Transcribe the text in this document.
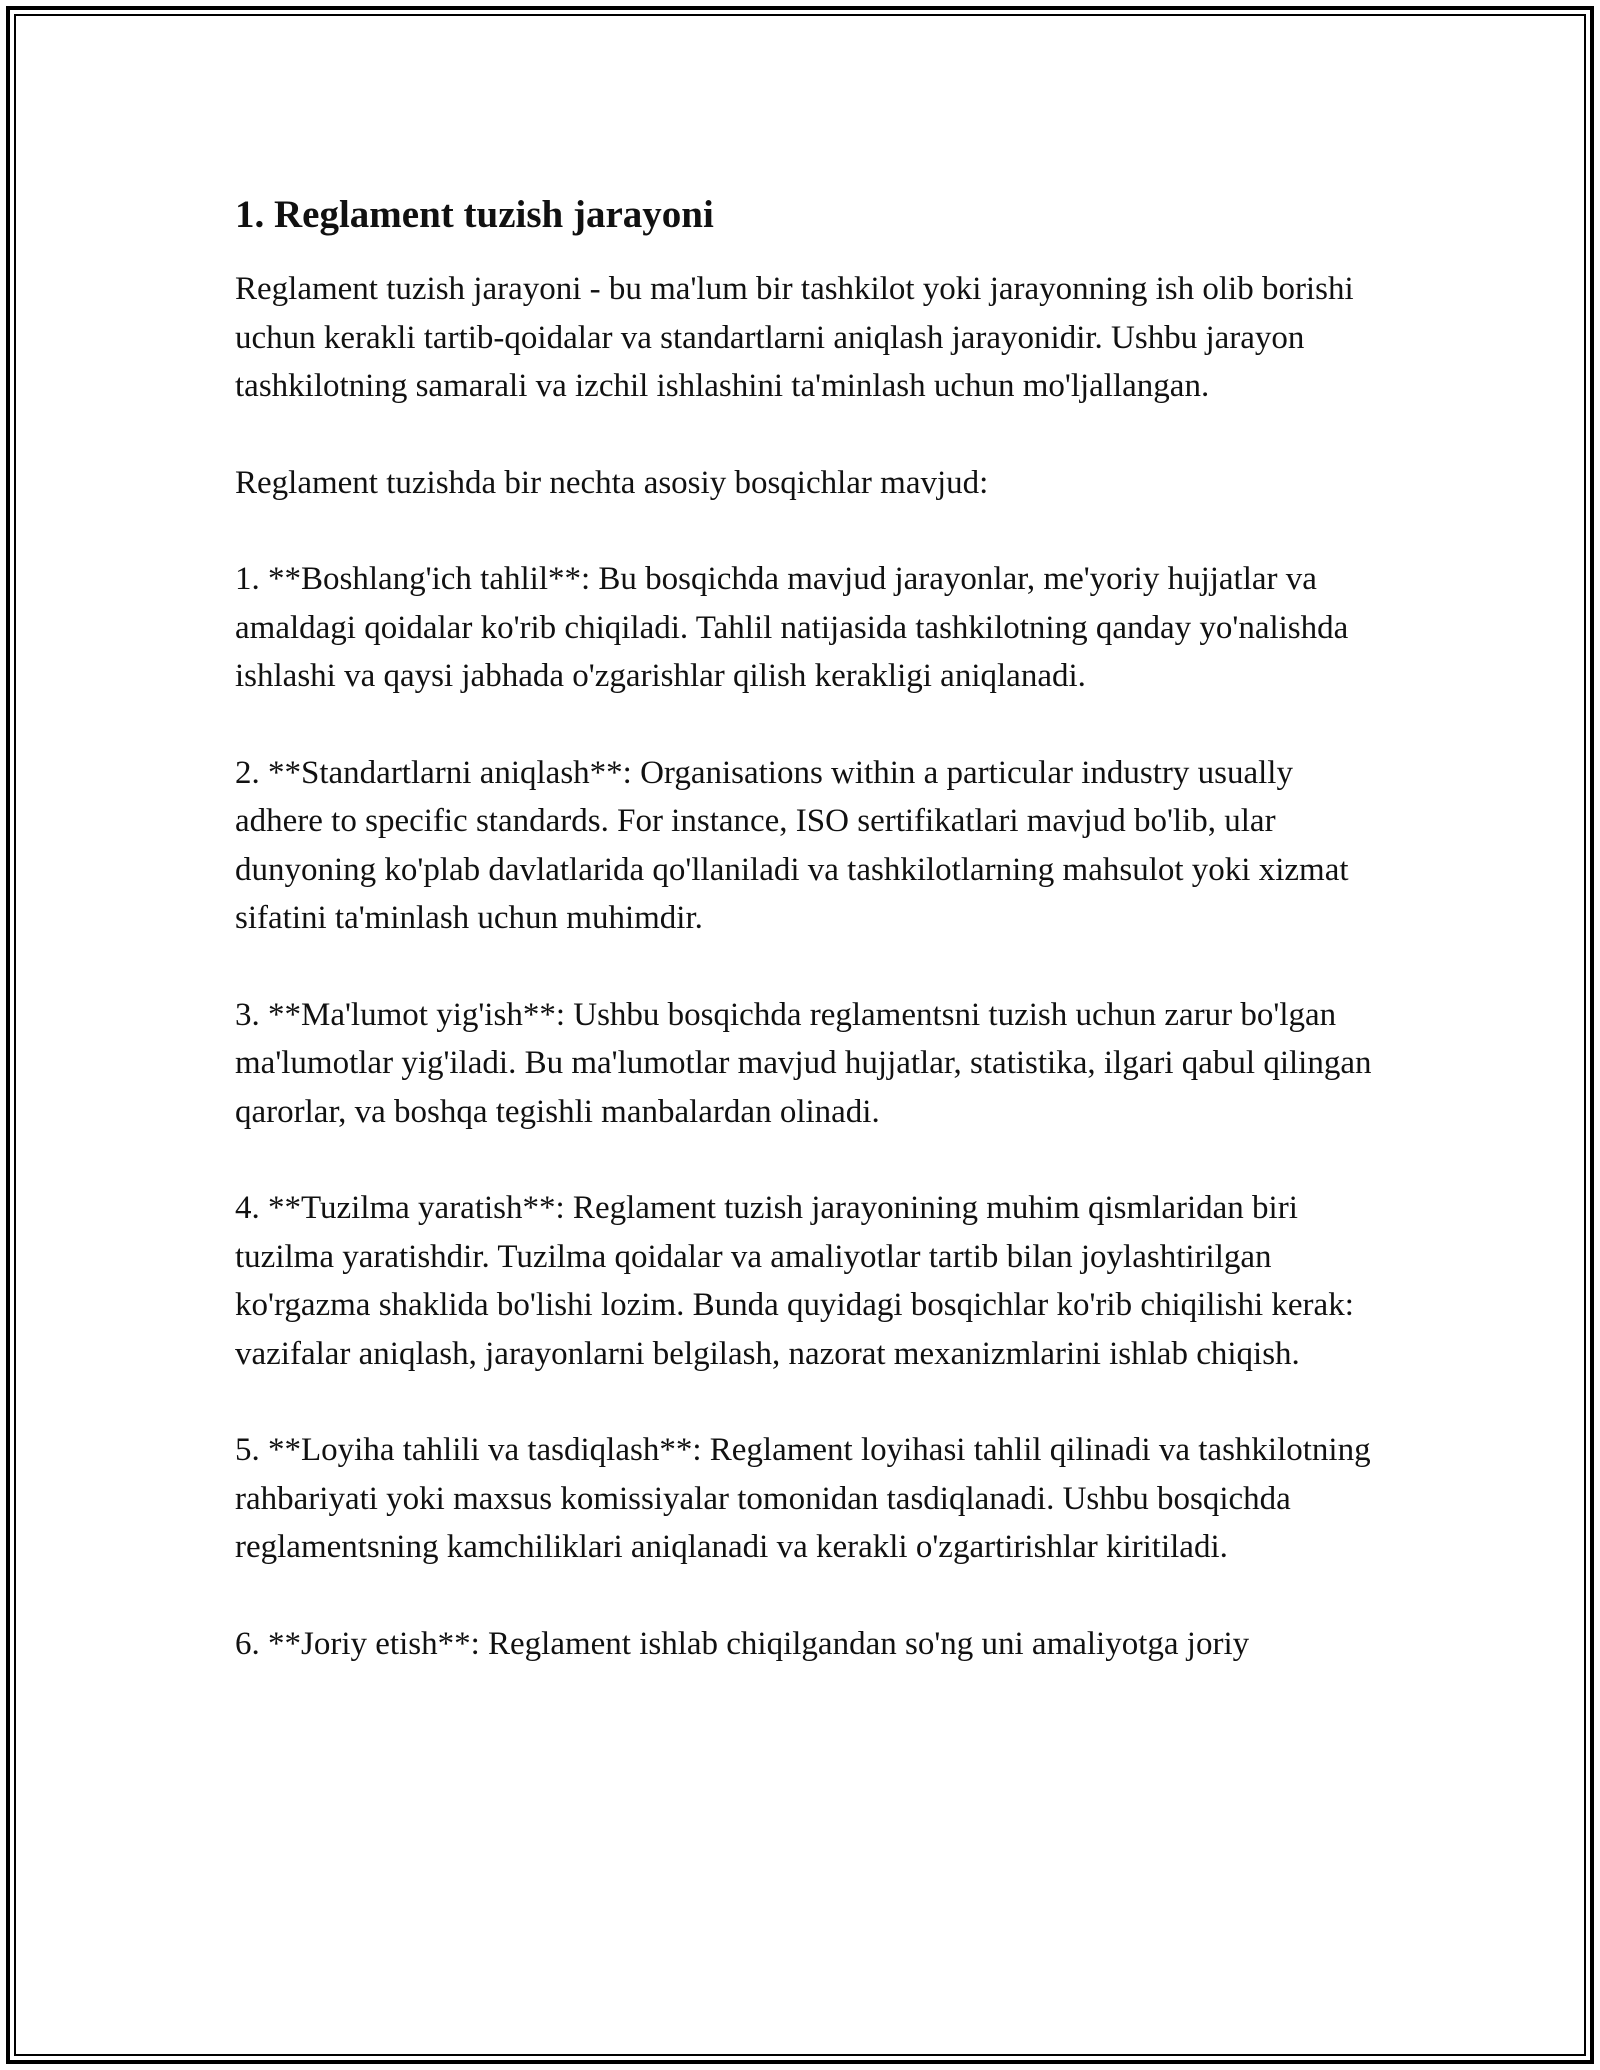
1. Reglament tuzish jarayoni

Reglament tuzish jarayoni - bu ma'lum bir tashkilot yoki jarayonning ish olib borishi uchun kerakli tartib-qoidalar va standartlarni aniqlash jarayonidir. Ushbu jarayon tashkilotning samarali va izchil ishlashini ta'minlash uchun mo'ljallangan.

Reglament tuzishda bir nechta asosiy bosqichlar mavjud:

1. **Boshlang'ich tahlil**: Bu bosqichda mavjud jarayonlar, me'yoriy hujjatlar va amaldagi qoidalar ko'rib chiqiladi. Tahlil natijasida tashkilotning qanday yo'nalishda ishlashi va qaysi jabhada o'zgarishlar qilish kerakligi aniqlanadi.

2. **Standartlarni aniqlash**: Organisations within a particular industry usually adhere to specific standards. For instance, ISO sertifikatlari mavjud bo'lib, ular dunyoning ko'plab davlatlarida qo'llaniladi va tashkilotlarning mahsulot yoki xizmat sifatini ta'minlash uchun muhimdir.

3. **Ma'lumot yig'ish**: Ushbu bosqichda reglamentsni tuzish uchun zarur bo'lgan ma'lumotlar yig'iladi. Bu ma'lumotlar mavjud hujjatlar, statistika, ilgari qabul qilingan qarorlar, va boshqa tegishli manbalardan olinadi.

4. **Tuzilma yaratish**: Reglament tuzish jarayonining muhim qismlaridan biri tuzilma yaratishdir. Tuzilma qoidalar va amaliyotlar tartib bilan joylashtirilgan ko'rgazma shaklida bo'lishi lozim. Bunda quyidagi bosqichlar ko'rib chiqilishi kerak: vazifalar aniqlash, jarayonlarni belgilash, nazorat mexanizmlarini ishlab chiqish.

5. **Loyiha tahlili va tasdiqlash**: Reglament loyihasi tahlil qilinadi va tashkilotning rahbariyati yoki maxsus komissiyalar tomonidan tasdiqlanadi. Ushbu bosqichda reglamentsning kamchiliklari aniqlanadi va kerakli o'zgartirishlar kiritiladi.

6. **Joriy etish**: Reglament ishlab chiqilgandan so'ng uni amaliyotga joriy
